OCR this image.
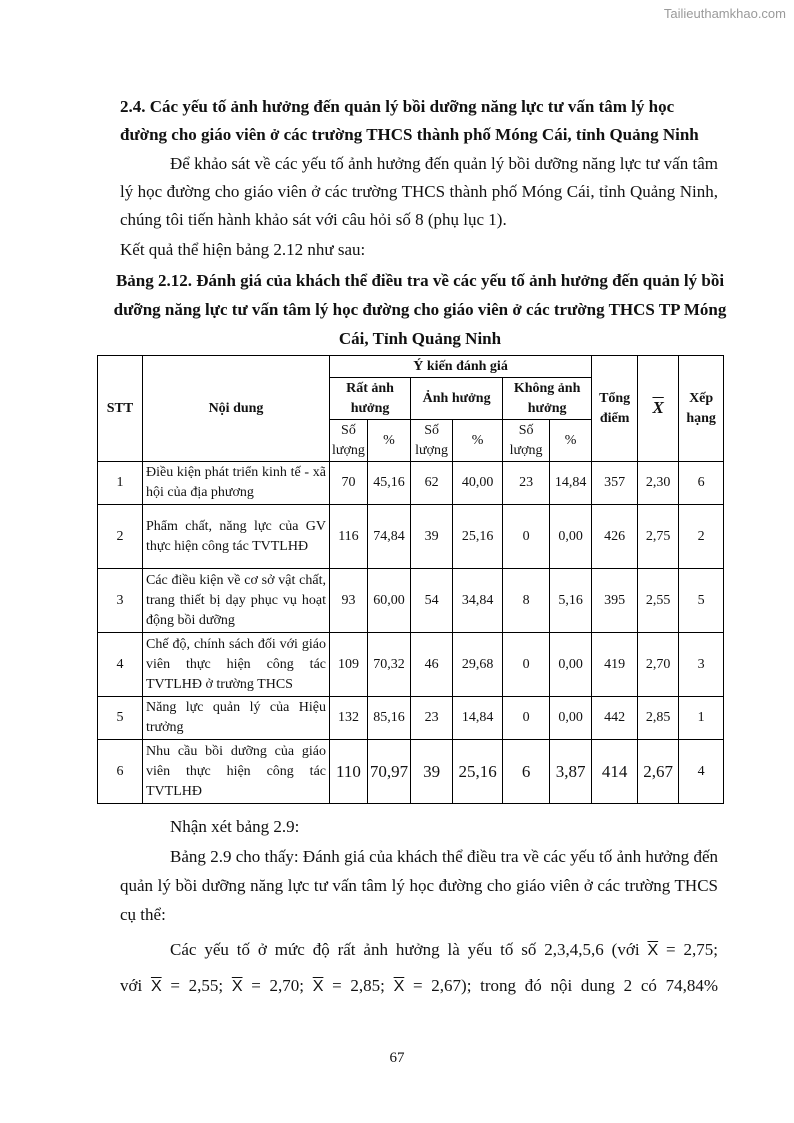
Tailieuthamkhao.com
2.4. Các yếu tố ảnh hưởng đến quản lý bồi dưỡng năng lực tư vấn tâm lý học đường cho giáo viên ở các trường THCS thành phố Móng Cái, tỉnh Quảng Ninh
Để khảo sát về các yếu tố ảnh hưởng đến quản lý bồi dưỡng năng lực tư vấn tâm lý học đường cho giáo viên ở các trường THCS thành phố Móng Cái, tỉnh Quảng Ninh, chúng tôi tiến hành khảo sát với câu hỏi số 8 (phụ lục 1).
Kết quả thể hiện bảng 2.12 như sau:
Bảng 2.12. Đánh giá của khách thể điều tra về các yếu tố ảnh hưởng đến quản lý bồi dưỡng năng lực tư vấn tâm lý học đường cho giáo viên ở các trường THCS TP Móng Cái, Tỉnh Quảng Ninh
STT	Nội dung	Ý kiến đánh giá						Tổng điểm	$\overline{X}$	Xếp hạng
		Rất ảnh hưởng		Ảnh hưởng		Không ảnh hưởng				
		Số lượng	%	Số lượng	%	Số lượng	%			
1	Điều kiện phát triển kinh tế - xã hội của địa phương	70	45,16	62	40,00	23	14,84	357	2,30	6
2	Phẩm chất, năng lực của GV thực hiện công tác TVTLHĐ	116	74,84	39	25,16	0	0,00	426	2,75	2
3	Các điều kiện về cơ sở vật chất, trang thiết bị dạy phục vụ hoạt động bồi dưỡng	93	60,00	54	34,84	8	5,16	395	2,55	5
4	Chế độ, chính sách đối với giáo viên thực hiện công tác TVTLHĐ ở trường THCS	109	70,32	46	29,68	0	0,00	419	2,70	3
5	Năng lực quản lý của Hiệu trưởng	132	85,16	23	14,84	0	0,00	442	2,85	1
6	Nhu cầu bồi dưỡng của giáo viên thực hiện công tác TVTLHĐ	110	70,97	39	25,16	6	3,87	414	2,67	4
Nhận xét bảng 2.9:
Bảng 2.9 cho thấy: Đánh giá của khách thể điều tra về các yếu tố ảnh hưởng đến quản lý bồi dưỡng năng lực tư vấn tâm lý học đường cho giáo viên ở các trường THCS cụ thể:
Các yếu tố ở mức độ rất ảnh hưởng là yếu tố số 2,3,4,5,6 (với $\overline{X} = 2,75$;
với $\overline{X} = 2,55$; $\overline{X} = 2,70$; $\overline{X} = 2,85$; $\overline{X} = 2,67$); trong đó nội dung 2 có 74,84%
67
